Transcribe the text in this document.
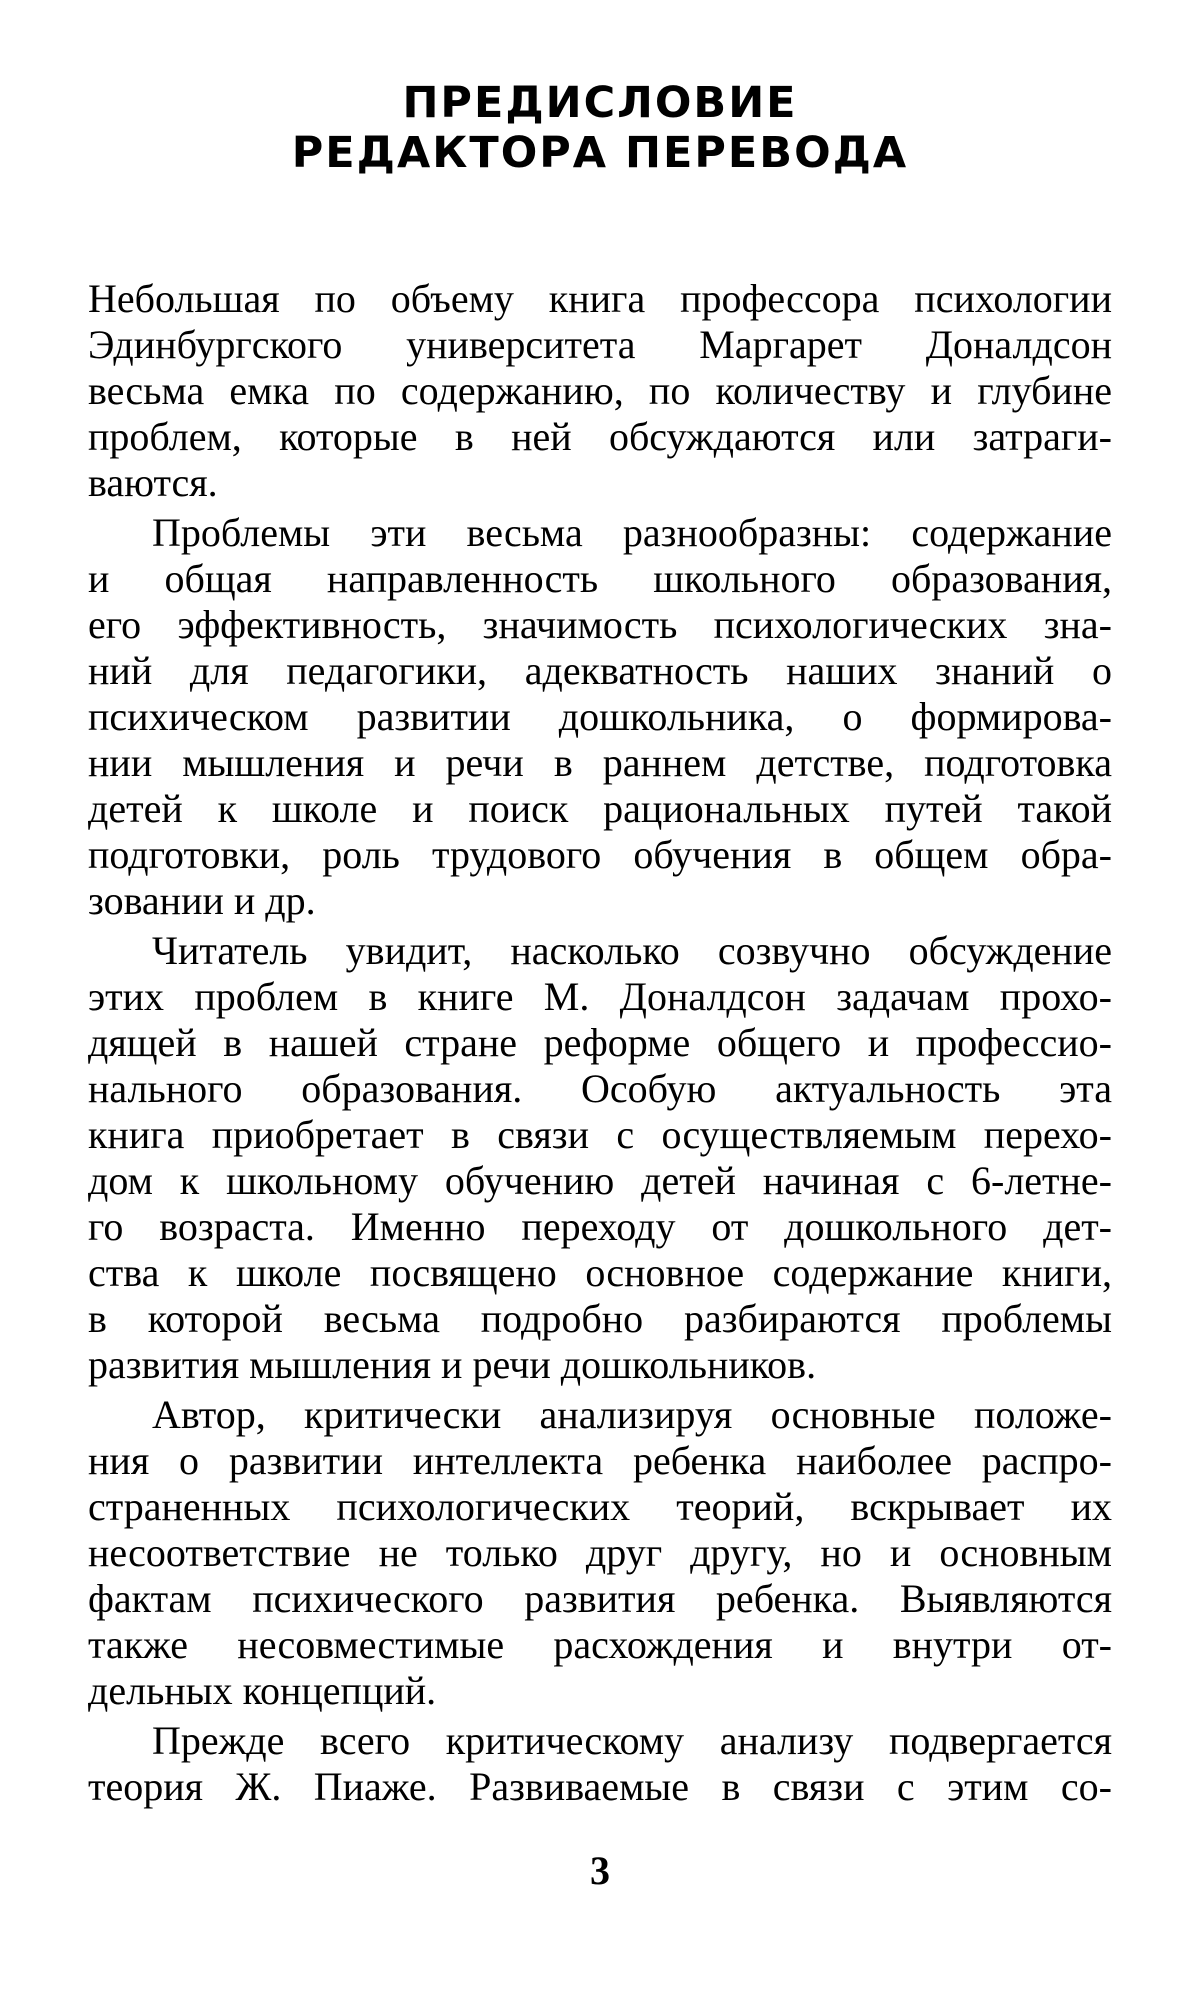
ПРЕДИСЛОВИЕ
РЕДАКТОРА ПЕРЕВОДА
Небольшая по объему книга профессора психологии
Эдинбургского университета Маргарет Доналдсон
весьма емка по содержанию, по количеству и глубине
проблем, которые в ней обсуждаются или затраги-
ваются.
Проблемы эти весьма разнообразны: содержание
и общая направленность школьного образования,
его эффективность, значимость психологических зна-
ний для педагогики, адекватность наших знаний о
психическом развитии дошкольника, о формирова-
нии мышления и речи в раннем детстве, подготовка
детей к школе и поиск рациональных путей такой
подготовки, роль трудового обучения в общем обра-
зовании и др.
Читатель увидит, насколько созвучно обсуждение
этих проблем в книге М. Доналдсон задачам прохо-
дящей в нашей стране реформе общего и профессио-
нального образования. Особую актуальность эта
книга приобретает в связи с осуществляемым перехо-
дом к школьному обучению детей начиная с 6-летне-
го возраста. Именно переходу от дошкольного дет-
ства к школе посвящено основное содержание книги,
в которой весьма подробно разбираются проблемы
развития мышления и речи дошкольников.
Автор, критически анализируя основные положе-
ния о развитии интеллекта ребенка наиболее распро-
страненных психологических теорий, вскрывает их
несоответствие не только друг другу, но и основным
фактам психического развития ребенка. Выявляются
также несовместимые расхождения и внутри от-
дельных концепций.
Прежде всего критическому анализу подвергается
теория Ж. Пиаже. Развиваемые в связи с этим со-
3
